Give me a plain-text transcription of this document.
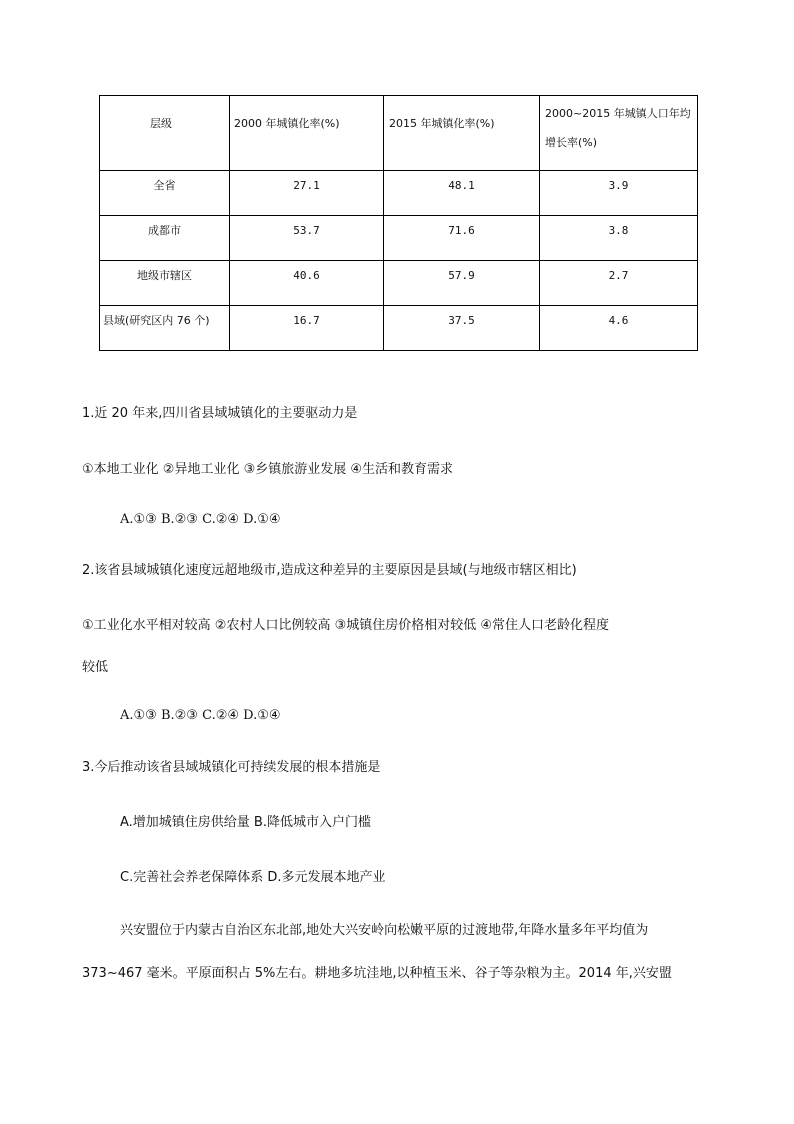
层级	2000 年城镇化率(%)	2015 年城镇化率(%)	2000~2015 年城镇人口年均增长率(%)

全省	27.1	48.1	3.9

成都市	53.7	71.6	3.8

地级市辖区	40.6	57.9	2.7

县域(研究区内 76 个)	16.7	37.5	4.6
1.近 20 年来,四川省县域城镇化的主要驱动力是
①本地工业化 ②异地工业化 ③乡镇旅游业发展 ④生活和教育需求
A.①③ B.②③ C.②④ D.①④
2.该省县域城镇化速度远超地级市,造成这种差异的主要原因是县域(与地级市辖区相比)
①工业化水平相对较高 ②农村人口比例较高 ③城镇住房价格相对较低 ④常住人口老龄化程度
较低
A.①③ B.②③ C.②④ D.①④
3.今后推动该省县域城镇化可持续发展的根本措施是
A.增加城镇住房供给量 B.降低城市入户门槛
C.完善社会养老保障体系 D.多元发展本地产业
兴安盟位于内蒙古自治区东北部,地处大兴安岭向松嫩平原的过渡地带,年降水量多年平均值为
373~467 毫米。平原面积占 5%左右。耕地多坑洼地,以种植玉米、谷子等杂粮为主。2014 年,兴安盟
